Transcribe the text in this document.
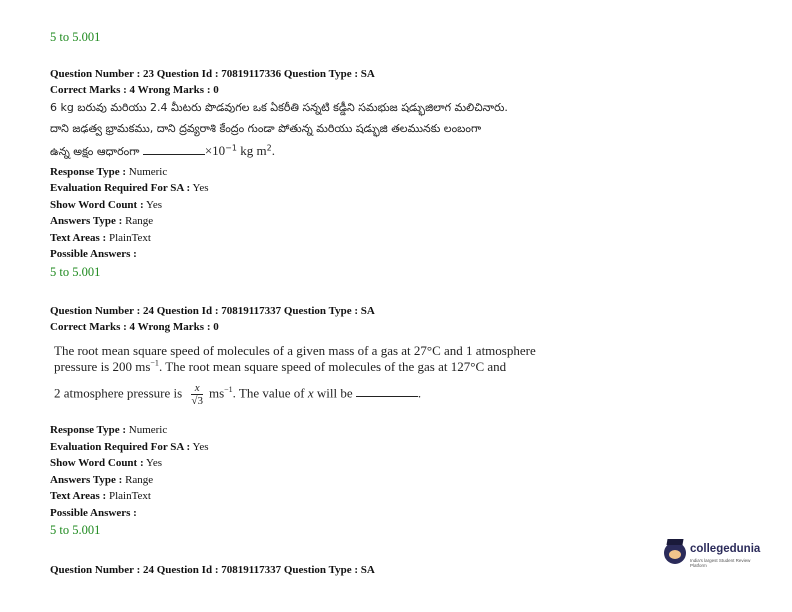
5 to 5.001
Question Number : 23 Question Id : 70819117336 Question Type : SA
Correct Marks : 4 Wrong Marks : 0
6 kg బరువు మరియు 2.4 మీటరు పొడవుగల ఒక ఏకరీతి సన్నటి కడ్డీని సమభుజ షడ్భుజిలాగ మలిచినారు.
దాని జఢత్వ భ్రామకము, దాని ద్రవ్యరాశి కేంద్రం గుండా పోతున్న మరియు షడ్భుజి తలమునకు లంబంగా
ఉన్న అక్షం ఆధారంగా	$\times 10^{-1}$ kg $m^2$.
Response Type : Numeric
Evaluation Required For SA : Yes
Show Word Count : Yes
Answers Type : Range
Text Areas : PlainText
Possible Answers :
5 to 5.001
Question Number : 24 Question Id : 70819117337 Question Type : SA
Correct Marks : 4 Wrong Marks : 0
The root mean square speed of molecules of a given mass of a gas at 27°C and 1 atmosphere
pressure is 200 $ms^{-1}$. The root mean square speed of molecules of the gas at 127°C and
2 atmosphere pressure is $\frac{x}{√3} ms^{-1}$. The value of x will be	.
Response Type : Numeric
Evaluation Required For SA : Yes
Show Word Count : Yes
Answers Type : Range
Text Areas : PlainText
Possible Answers :
5 to 5.001
Question Number : 24 Question Id : 70819117337 Question Type : SA
collegedunia
India's largest Student Review Platform
